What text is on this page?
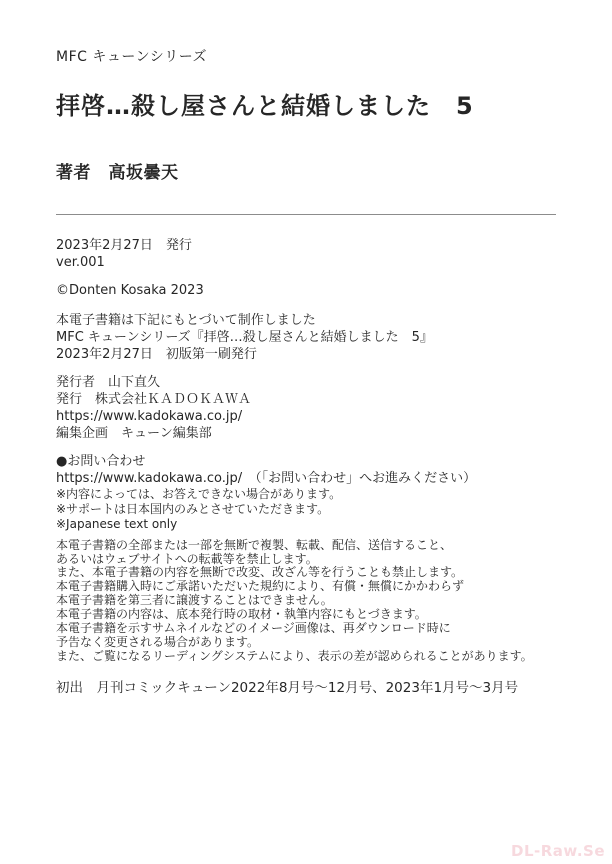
MFC キューンシリーズ
拝啓…殺し屋さんと結婚しました　5
著者　高坂曇天
2023年2月27日　発行
ver.001
©Donten Kosaka 2023
本電子書籍は下記にもとづいて制作しました
MFC キューンシリーズ『拝啓…殺し屋さんと結婚しました　5』
2023年2月27日　初版第一刷発行
発行者　山下直久
発行　株式会社ＫＡＤＯＫＡＷＡ
https://www.kadokawa.co.jp/
編集企画　キューン編集部
●お問い合わせ
https://www.kadokawa.co.jp/　（「お問い合わせ」へお進みください）
※内容によっては、お答えできない場合があります。
※サポートは日本国内のみとさせていただきます。
※Japanese text only
本電子書籍の全部または一部を無断で複製、転載、配信、送信すること、
あるいはウェブサイトへの転載等を禁止します。
また、本電子書籍の内容を無断で改変、改ざん等を行うことも禁止します。
本電子書籍購入時にご承諾いただいた規約により、有償・無償にかかわらず
本電子書籍を第三者に譲渡することはできません。
本電子書籍の内容は、底本発行時の取材・執筆内容にもとづきます。
本電子書籍を示すサムネイルなどのイメージ画像は、再ダウンロード時に
予告なく変更される場合があります。
また、ご覧になるリーディングシステムにより、表示の差が認められることがあります。
初出　月刊コミックキューン2022年8月号～12月号、2023年1月号～3月号
DL-Raw.Se
